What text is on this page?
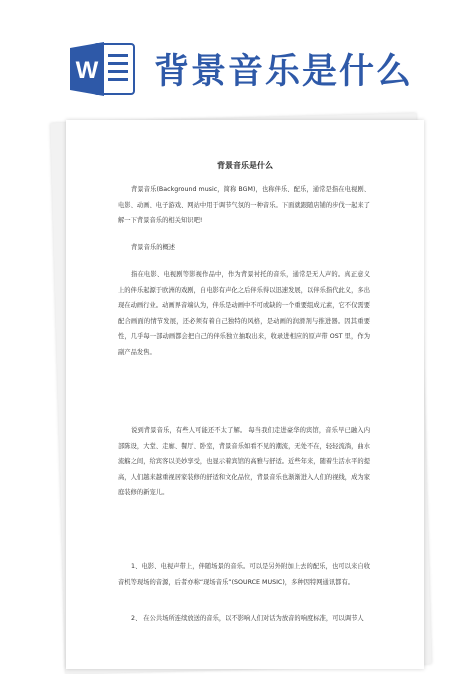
W 背景音乐是什么
​
背景音乐是什么
背景音乐(Background music，简称 BGM)，也称伴乐、配乐，通常是指在电视剧、电影、动画、电子游戏、网站中用于调节气氛的一种音乐。下面就跟随店铺的步伐一起来了解一下背景音乐的相关知识吧!
背景音乐的概述
指在电影、电视剧等影视作品中，作为背景衬托的音乐，通常是无人声的。真正意义上的伴乐起源于欧洲的戏剧，自电影有声化之后伴乐得以迅速发展，以伴乐指代此义，多出现在动画行业。动画界音端认为，伴乐是动画中不可或缺的一个重要组成元素，它不仅需要配合画面的情节发展，还必须有着自己独特的风格，是动画的润滑剂与推进器。因其重要性，几乎每一部动画都会把自己的伴乐独立抽取出来，收录进相应的原声带 OST 里，作为副产品发售。
说到背景音乐，有些人可能还不太了解。 每当我们走进豪华的宾馆，音乐早已融入内部陈设，大堂、走廊、餐厅、卧室，背景音乐如看不见的潮流，无处不在，轻轻流淌，曲水流觞之间，给宾客以美妙享受，也显示着宾馆的高雅与舒适。近些年来，随着生活水平的提高，人们越来越重视居家装修的舒适和文化品位，背景音乐也渐渐进入人们的视线，成为家庭装修的新宠儿。
1、电影、电视声带上，伴随场景的音乐。可以是另外附加上去的配乐，也可以来自收音机等现场的音源，后者亦称“现场音乐”(SOURCE MUSIC)，多种因特网通讯都有。
2、 在公共场所连续放送的音乐，以不影响人们对话为放音的响度标准，可以调节人
